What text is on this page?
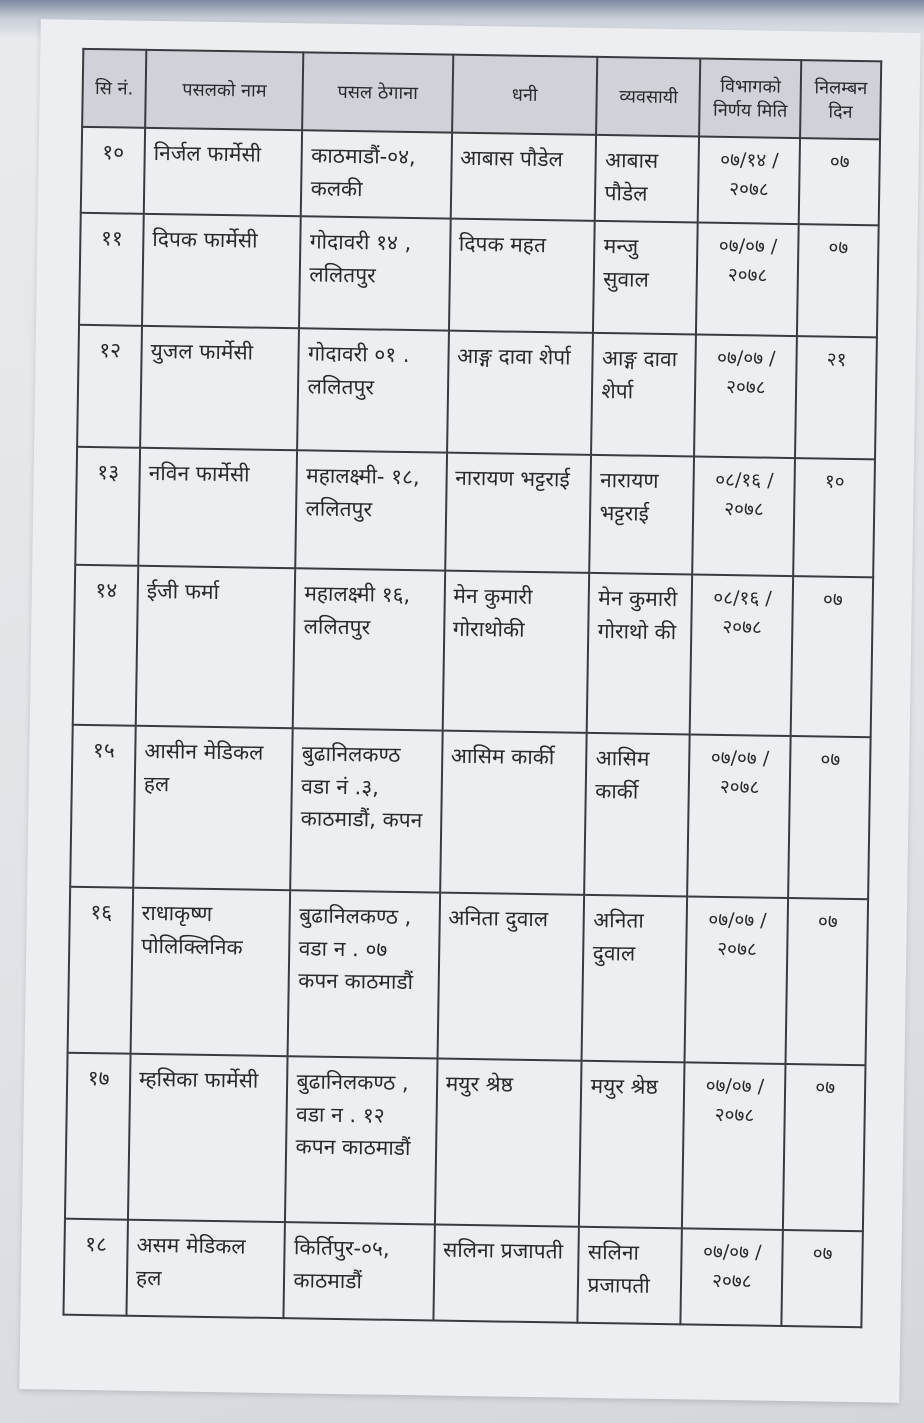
सि नं.	पसलको नाम	पसल ठेगाना	धनी	व्यवसायी	विभागको निर्णय मिति	निलम्बन दिन
१०	निर्जल फार्मेसी	काठमाडौं-०४, कलकी	आबास पौडेल	आबास पौडेल	०७/१४ /२०७८	०७
११	दिपक फार्मेसी	गोदावरी १४ , ललितपुर	दिपक महत	मन्जु सुवाल	०७/०७ /२०७८	०७
१२	युजल फार्मेसी	गोदावरी ०१ . ललितपुर	आङ्ग दावा शेर्पा	आङ्ग दावा शेर्पा	०७/०७ /२०७८	२१
१३	नविन फार्मेसी	महालक्ष्मी- १८, ललितपुर	नारायण भट्टराई	नारायण भट्टराई	०८/१६ /२०७८	१०
१४	ईजी फर्मा	महालक्ष्मी १६, ललितपुर	मेन कुमारी गोराथोकी	मेन कुमारी गोराथो की	०८/१६ /२०७८	०७
१५	आसीन मेडिकल हल	बुढानिलकण्ठ वडा नं .३, काठमाडौं, कपन	आसिम कार्की	आसिम कार्की	०७/०७ /२०७८	०७
१६	राधाकृष्ण पोलिक्लिनिक	बुढानिलकण्ठ , वडा न . ०७ कपन काठमाडौं	अनिता दुवाल	अनिता दुवाल	०७/०७ /२०७८	०७
१७	म्हसिका फार्मेसी	बुढानिलकण्ठ , वडा न . १२ कपन काठमाडौं	मयुर श्रेष्ठ	मयुर श्रेष्ठ	०७/०७ /२०७८	०७
१८	असम मेडिकल हल	किर्तिपुर-०५, काठमाडौं	सलिना प्रजापती	सलिना प्रजापती	०७/०७ /२०७८	०७
